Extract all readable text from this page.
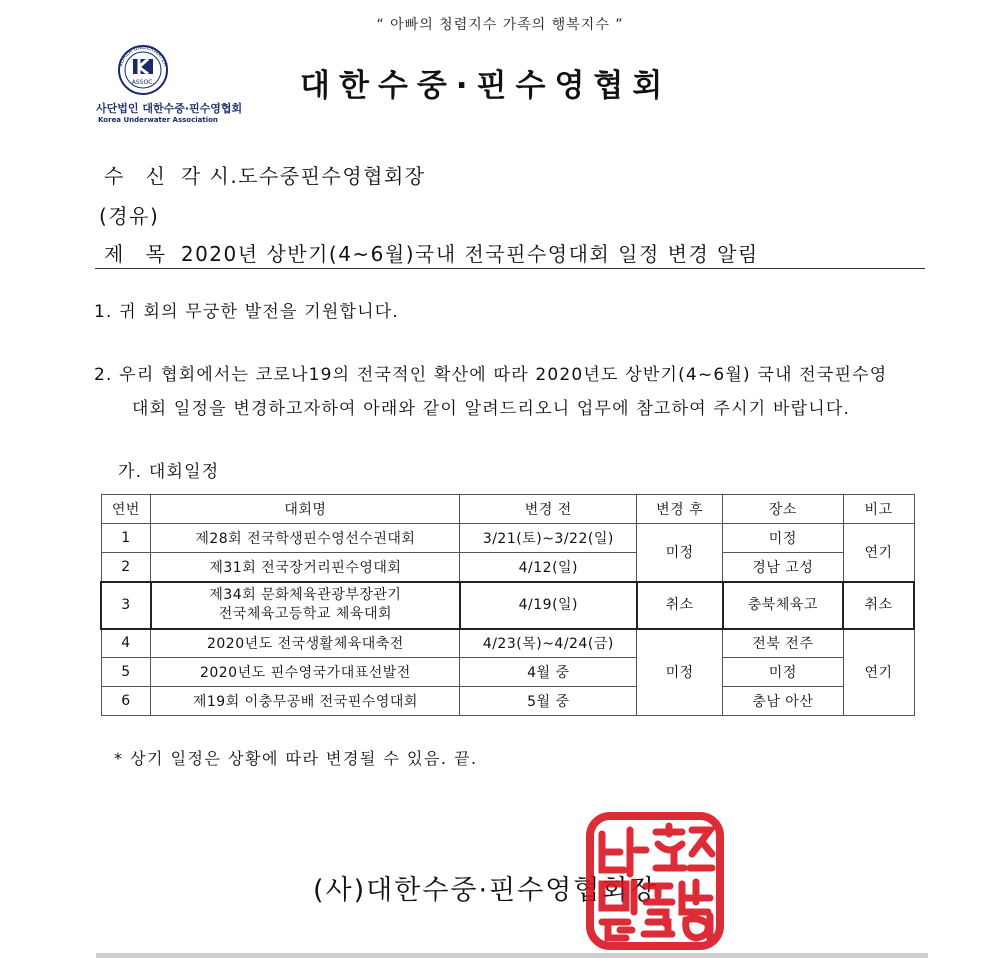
“ 아빠의 청렴지수 가족의 행복지수 ”
ASSOC.
KOREA UNDERWATER
사단법인 대한수중·핀수영협회
Korea Underwater Association
대한수중·핀수영협회
수 신 각 시.도수중핀수영협회장
(경유)
제 목 2020년 상반기(4~6월)국내 전국핀수영대회 일정 변경 알림
1. 귀 회의 무궁한 발전을 기원합니다.
2. 우리 협회에서는 코로나19의 전국적인 확산에 따라 2020년도 상반기(4~6월) 국내 전국핀수영
대회 일정을 변경하고자하여 아래와 같이 알려드리오니 업무에 참고하여 주시기 바랍니다.
가. 대회일정
연번	대회명	변경 전	변경 후	장소	비고
1	제28회 전국학생핀수영선수권대회	3/21(토)~3/22(일)	미정	미정	연기
2	제31회 전국장거리핀수영대회	4/12(일)		경남 고성	
3	제34회 문화체육관광부장관기
전국체육고등학교 체육대회	4/19(일)	취소	충북체육고	취소
4	2020년도 전국생활체육대축전	4/23(목)~4/24(금)	미정	전북 전주	연기
5	2020년도 핀수영국가대표선발전	4월 중		미정	
6	제19회 이충무공배 전국핀수영대회	5월 중		충남 아산	
* 상기 일정은 상황에 따라 변경될 수 있음. 끝.
(사)대한수중·핀수영협회장
